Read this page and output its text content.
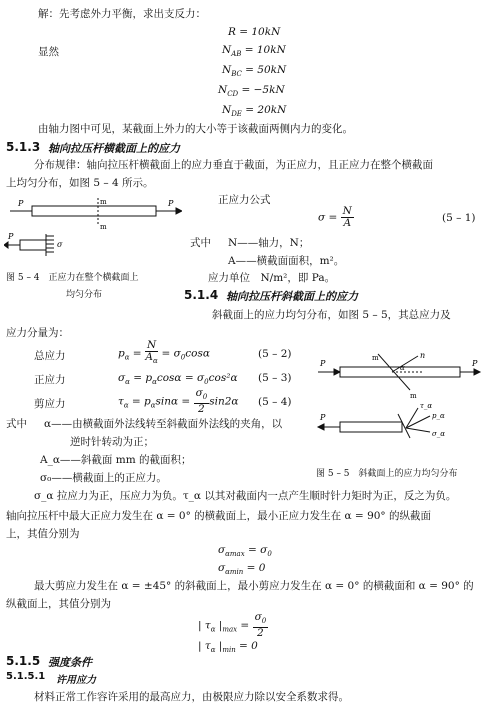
解：先考虑外力平衡，求出支反力：
R = 10kN
显然	$N_{AB} = 10kN$
$N_{BC} = 50kN$
$N_{CD} = -5kN$
$N_{DE} = 20kN$
由轴力图中可见，某截面上外力的大小等于该截面两侧内力的变化。
5.1.3 轴向拉压杆横截面上的应力
分布规律：轴向拉压杆横截面上的应力垂直于截面，为正应力，且正应力在整个横截面
上均匀分布，如图 5 – 4 所示。
P	P
m
m
P
σ
图 5 – 4　正应力在整个横截面上
均匀分布
正应力公式
$\sigma = \frac{N}{A}$	(5 – 1)
式中 N——轴力，N；
A——横截面面积，m²。
应力单位　N/m²，即 Pa。
5.1.4 轴向拉压杆斜截面上的应力
斜截面上的应力均匀分布，如图 5 – 5，其总应力及
应力分量为：
总应力	$p_\alpha = \frac{N}{A_\alpha} = \sigma_0\cos\alpha$	(5 – 2)
正应力	$\sigma_\alpha = p_\alpha\cos\alpha = \sigma_0\cos^2\alpha$ (5 – 3)
剪应力	$\tau_\alpha = p_\alpha\sin\alpha = \frac{\sigma_0}{2} \sin 2\alpha$ (5 – 4)
式中 α——由横截面外法线转至斜截面外法线的夹角，以
逆时针转动为正；
A_α——斜截面 mm 的截面积；
σ₀——横截面上的正应力。
P	P
m
m
n
α
τ_α
p_α
σ_α
P
图 5 – 5　斜截面上的应力均匀分布
σ_α 拉应力为正，压应力为负。τ_α 以其对截面内一点产生顺时针力矩时为正，反之为负。
轴向拉压杆中最大正应力发生在 α = 0° 的横截面上，最小正应力发生在 α = 90° 的纵截面
上，其值分别为
$\sigma_{\alpha max} = \sigma_0$
$\sigma_{\alpha min} = 0$
最大剪应力发生在 α = ±45° 的斜截面上，最小剪应力发生在 α = 0° 的横截面和 α = 90° 的
纵截面上，其值分别为
| $\tau_\alpha$ $|_{max} = \frac{\sigma_0}{2}$
| $\tau_\alpha$ $|_{min} = 0$
5.1.5 强度条件
5.1.5.1 许用应力
材料正常工作容许采用的最高应力，由极限应力除以安全系数求得。
